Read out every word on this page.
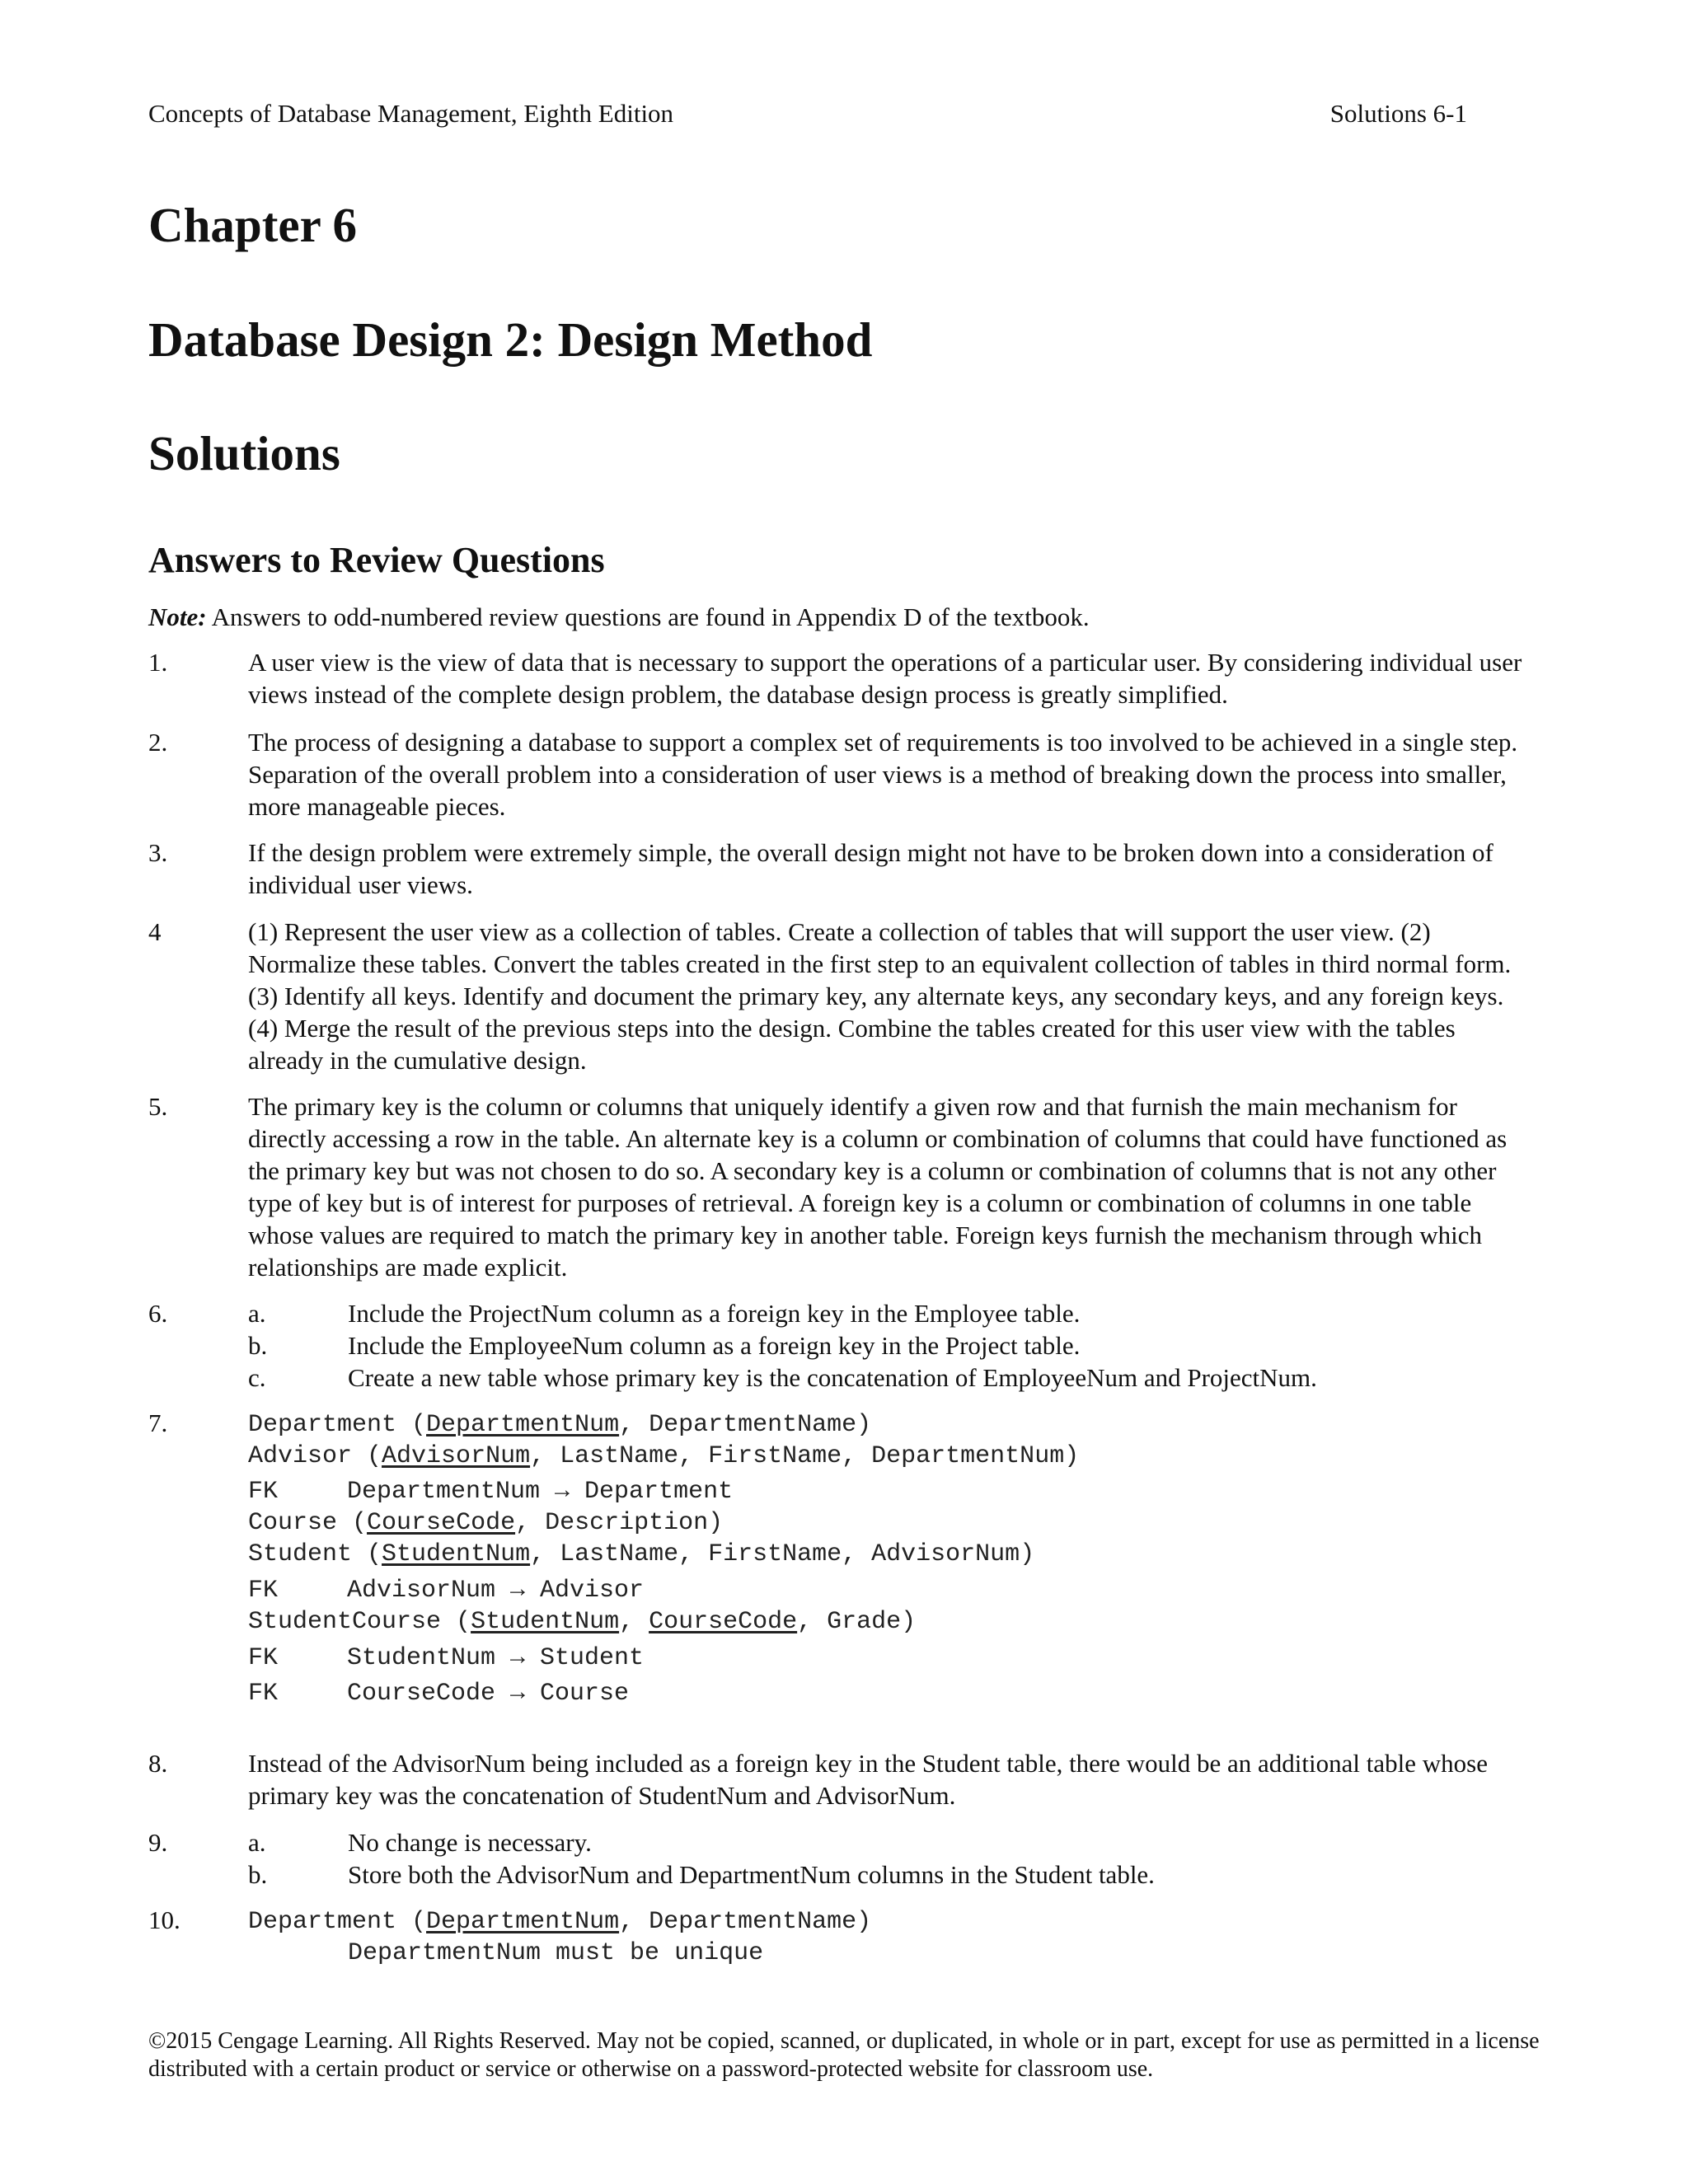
Concepts of Database Management, Eighth Edition	Solutions 6-1
Chapter 6
Database Design 2: Design Method
Solutions
Answers to Review Questions
Note: Answers to odd-numbered review questions are found in Appendix D of the textbook.
1.	A user view is the view of data that is necessary to support the operations of a particular user. By considering individual user views instead of the complete design problem, the database design process is greatly simplified.
2.	The process of designing a database to support a complex set of requirements is too involved to be achieved in a single step. Separation of the overall problem into a consideration of user views is a method of breaking down the process into smaller, more manageable pieces.
3.	If the design problem were extremely simple, the overall design might not have to be broken down into a consideration of individual user views.
4	(1) Represent the user view as a collection of tables. Create a collection of tables that will support the user view. (2) Normalize these tables. Convert the tables created in the first step to an equivalent collection of tables in third normal form. (3) Identify all keys. Identify and document the primary key, any alternate keys, any secondary keys, and any foreign keys. (4) Merge the result of the previous steps into the design. Combine the tables created for this user view with the tables already in the cumulative design.
5.	The primary key is the column or columns that uniquely identify a given row and that furnish the main mechanism for directly accessing a row in the table. An alternate key is a column or combination of columns that could have functioned as the primary key but was not chosen to do so. A secondary key is a column or combination of columns that is not any other type of key but is of interest for purposes of retrieval. A foreign key is a column or combination of columns in one table whose values are required to match the primary key in another table. Foreign keys furnish the mechanism through which relationships are made explicit.
6.	a.	Include the ProjectNum column as a foreign key in the Employee table.
b.	Include the EmployeeNum column as a foreign key in the Project table.
c.	Create a new table whose primary key is the concatenation of EmployeeNum and ProjectNum.
7.	Department (DepartmentNum, DepartmentName)
Advisor (AdvisorNum, LastName, FirstName, DepartmentNum)
FK	DepartmentNum → Department
Course (CourseCode, Description)
Student (StudentNum, LastName, FirstName, AdvisorNum)
FK	AdvisorNum → Advisor
StudentCourse (StudentNum, CourseCode, Grade)
FK	StudentNum → Student
FK	CourseCode → Course
8.	Instead of the AdvisorNum being included as a foreign key in the Student table, there would be an additional table whose primary key was the concatenation of StudentNum and AdvisorNum.
9.	a.	No change is necessary.
b.	Store both the AdvisorNum and DepartmentNum columns in the Student table.
10.	Department (DepartmentNum, DepartmentName)
DepartmentNum must be unique
©2015 Cengage Learning. All Rights Reserved. May not be copied, scanned, or duplicated, in whole or in part, except for use as permitted in a license distributed with a certain product or service or otherwise on a password-protected website for classroom use.
